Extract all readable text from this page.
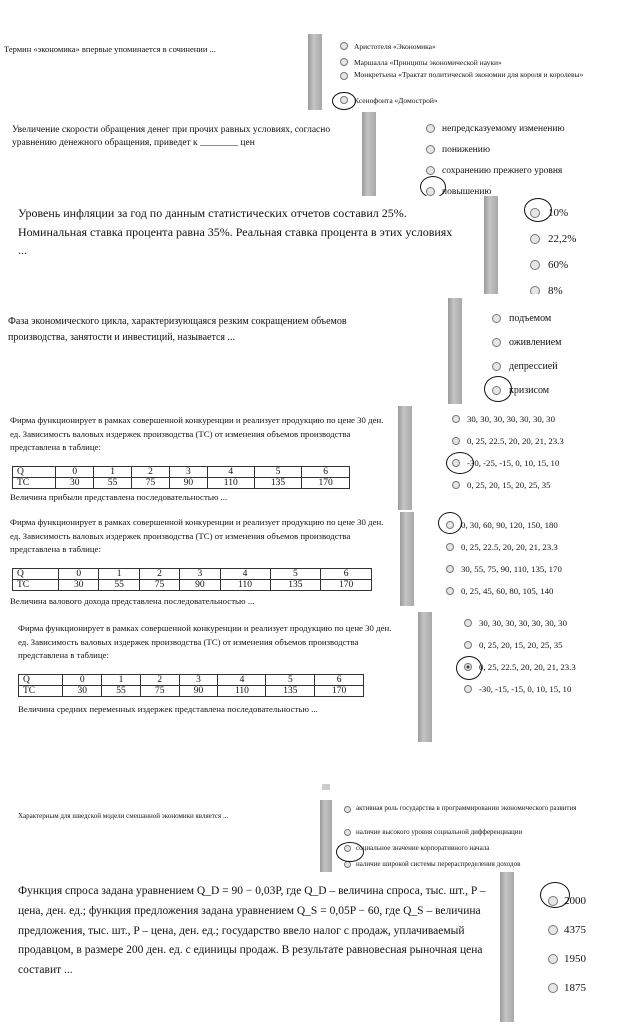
Термин «экономика» впервые упоминается в сочинении ...	Аристотеля «Экономика»
Маршалла «Принципы экономической науки»
Монкретьена «Трактат политической экономии для короля и королевы»
Ксенофонта «Домострой»
Увеличение скорости обращения денег при прочих равных условиях, согласно уравнению денежного обращения, приведет к ________ цен
непредсказуемому изменению
понижению
сохранению прежнего уровня
повышению
Уровень инфляции за год по данным статистических отчетов составил 25%. Номинальная ставка процента равна 35%. Реальная ставка процента в этих условиях ...
10%
22,2%
60%
8%
Фаза экономического цикла, характеризующаяся резким сокращением объемов производства, занятости и инвестиций, называется ...
подъемом
оживлением
депрессией
кризисом
Фирма функционирует в рамках совершенной конкуренции и реализует продукцию по цене 30 ден. ед. Зависимость валовых издержек производства (TC) от изменения объемов производства представлена в таблице:
Q	0	1	2	3	4	5	6
TC	30	55	75	90	110	135	170
Величина прибыли представлена последовательностью ...
30, 30, 30, 30, 30, 30, 30
0, 25, 22.5, 20, 20, 21, 23.3
-30, -25, -15, 0, 10, 15, 10
0, 25, 20, 15, 20, 25, 35
Фирма функционирует в рамках совершенной конкуренции и реализует продукцию по цене 30 ден. ед. Зависимость валовых издержек производства (TC) от изменения объемов производства представлена в таблице:
Q	0	1	2	3	4	5	6
TC	30	55	75	90	110	135	170
Величина валового дохода представлена последовательностью ...
0, 30, 60, 90, 120, 150, 180
0, 25, 22.5, 20, 20, 21, 23.3
30, 55, 75, 90, 110, 135, 170
0, 25, 45, 60, 80, 105, 140
Фирма функционирует в рамках совершенной конкуренции и реализует продукцию по цене 30 ден. ед. Зависимость валовых издержек производства (TC) от изменения объемов производства представлена в таблице:
Q	0	1	2	3	4	5	6
TC	30	55	75	90	110	135	170
Величина средних переменных издержек представлена последовательностью ...
30, 30, 30, 30, 30, 30, 30
0, 25, 20, 15, 20, 25, 35
0, 25, 22.5, 20, 20, 21, 23.3
-30, -15, -15, 0, 10, 15, 10
Характерным для шведской модели смешанной экономики является ...
активная роль государства в программировании экономического развития
наличие высокого уровня социальной дифференциации
социальное значение корпоративного начала
наличие широкой системы перераспределения доходов
Функция спроса задана уравнением Q_D = 90 − 0,03P, где Q_D – величина спроса, тыс. шт., P – цена, ден. ед.; функция предложения задана уравнением Q_S = 0,05P − 60, где Q_S – величина предложения, тыс. шт., P – цена, ден. ед.; государство ввело налог с продаж, уплачиваемый продавцом, в размере 200 ден. ед. с единицы продаж. В результате равновесная рыночная цена составит ...
2000
4375
1950
1875
